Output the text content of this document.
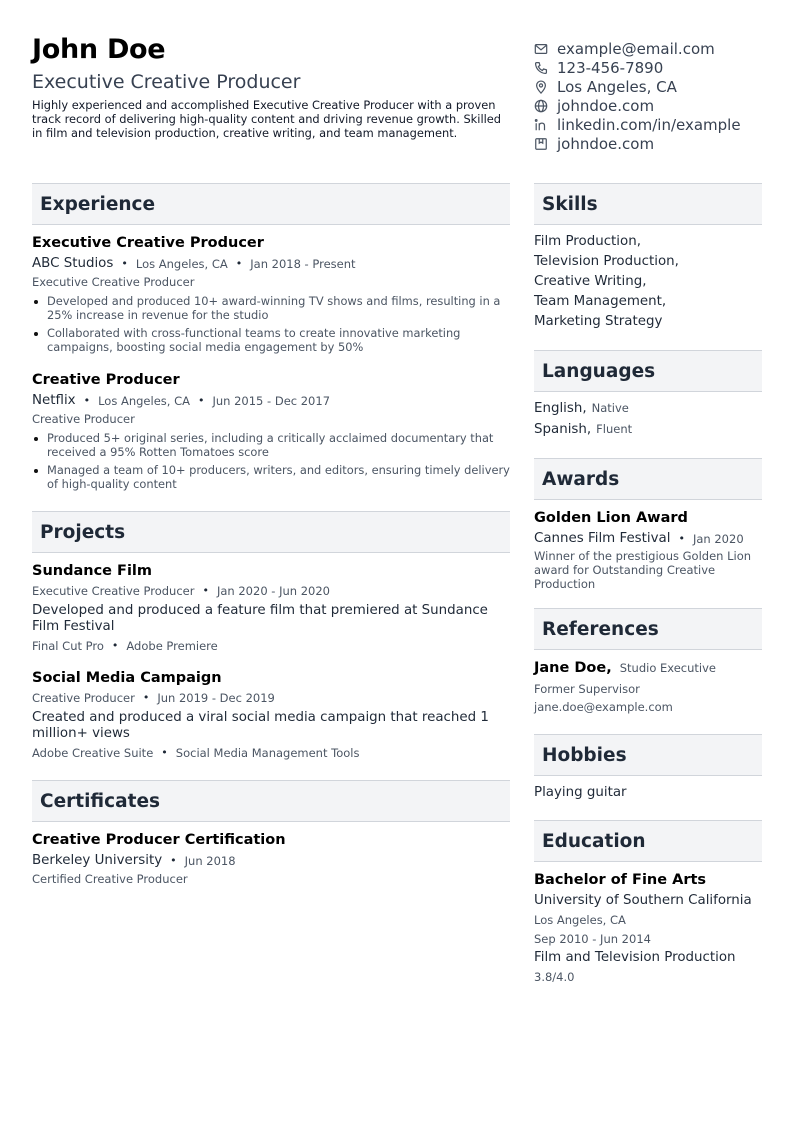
John Doe
Executive Creative Producer
Highly experienced and accomplished Executive Creative Producer with a proven track record of delivering high-quality content and driving revenue growth. Skilled in film and television production, creative writing, and team management.
example@email.com
123-456-7890
Los Angeles, CA
johndoe.com
linkedin.com/in/example
johndoe.com
Experience
Executive Creative Producer
ABC Studios • Los Angeles, CA • Jan 2018 - Present
Executive Creative Producer
Developed and produced 10+ award-winning TV shows and films, resulting in a 25% increase in revenue for the studio
Collaborated with cross-functional teams to create innovative marketing campaigns, boosting social media engagement by 50%
Creative Producer
Netflix • Los Angeles, CA • Jun 2015 - Dec 2017
Creative Producer
Produced 5+ original series, including a critically acclaimed documentary that received a 95% Rotten Tomatoes score
Managed a team of 10+ producers, writers, and editors, ensuring timely delivery of high-quality content
Projects
Sundance Film
Executive Creative Producer • Jan 2020 - Jun 2020
Developed and produced a feature film that premiered at Sundance Film Festival
Final Cut Pro • Adobe Premiere
Social Media Campaign
Creative Producer • Jun 2019 - Dec 2019
Created and produced a viral social media campaign that reached 1 million+ views
Adobe Creative Suite • Social Media Management Tools
Certificates
Creative Producer Certification
Berkeley University • Jun 2018
Certified Creative Producer
Skills
Film Production,
Television Production,
Creative Writing,
Team Management,
Marketing Strategy
Languages
English, Native
Spanish, Fluent
Awards
Golden Lion Award
Cannes Film Festival • Jan 2020
Winner of the prestigious Golden Lion award for Outstanding Creative Production
References
Jane Doe, Studio Executive
Former Supervisor
jane.doe@example.com
Hobbies
Playing guitar
Education
Bachelor of Fine Arts
University of Southern California
Los Angeles, CA
Sep 2010 - Jun 2014
Film and Television Production
3.8/4.0
